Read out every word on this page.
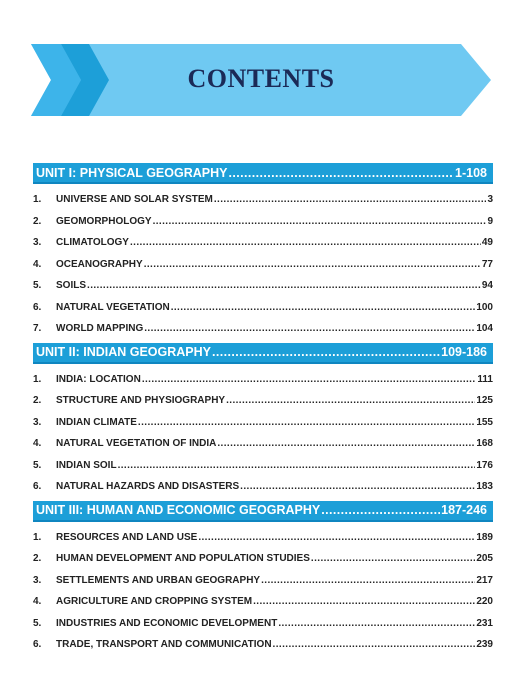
CONTENTS
UNIT I: PHYSICAL GEOGRAPHY .....	1-108
1.	UNIVERSE AND SOLAR SYSTEM .....	3
2.	GEOMORPHOLOGY .....	9
3.	CLIMATOLOGY .....	49
4.	OCEANOGRAPHY .....	77
5.	SOILS .....	94
6.	NATURAL VEGETATION .....	100
7.	WORLD MAPPING .....	104
UNIT II: INDIAN GEOGRAPHY .....	109-186
1.	INDIA: LOCATION .....	111
2.	STRUCTURE AND PHYSIOGRAPHY .....	125
3.	INDIAN CLIMATE .....	155
4.	NATURAL VEGETATION OF INDIA .....	168
5.	INDIAN SOIL .....	176
6.	NATURAL HAZARDS AND DISASTERS .....	183
UNIT III: HUMAN AND ECONOMIC GEOGRAPHY .....	187-246
1.	RESOURCES AND LAND USE .....	189
2.	HUMAN DEVELOPMENT AND POPULATION STUDIES .....	205
3.	SETTLEMENTS AND URBAN GEOGRAPHY .....	217
4.	AGRICULTURE AND CROPPING SYSTEM .....	220
5.	INDUSTRIES AND ECONOMIC DEVELOPMENT .....	231
6.	TRADE, TRANSPORT AND COMMUNICATION .....	239
